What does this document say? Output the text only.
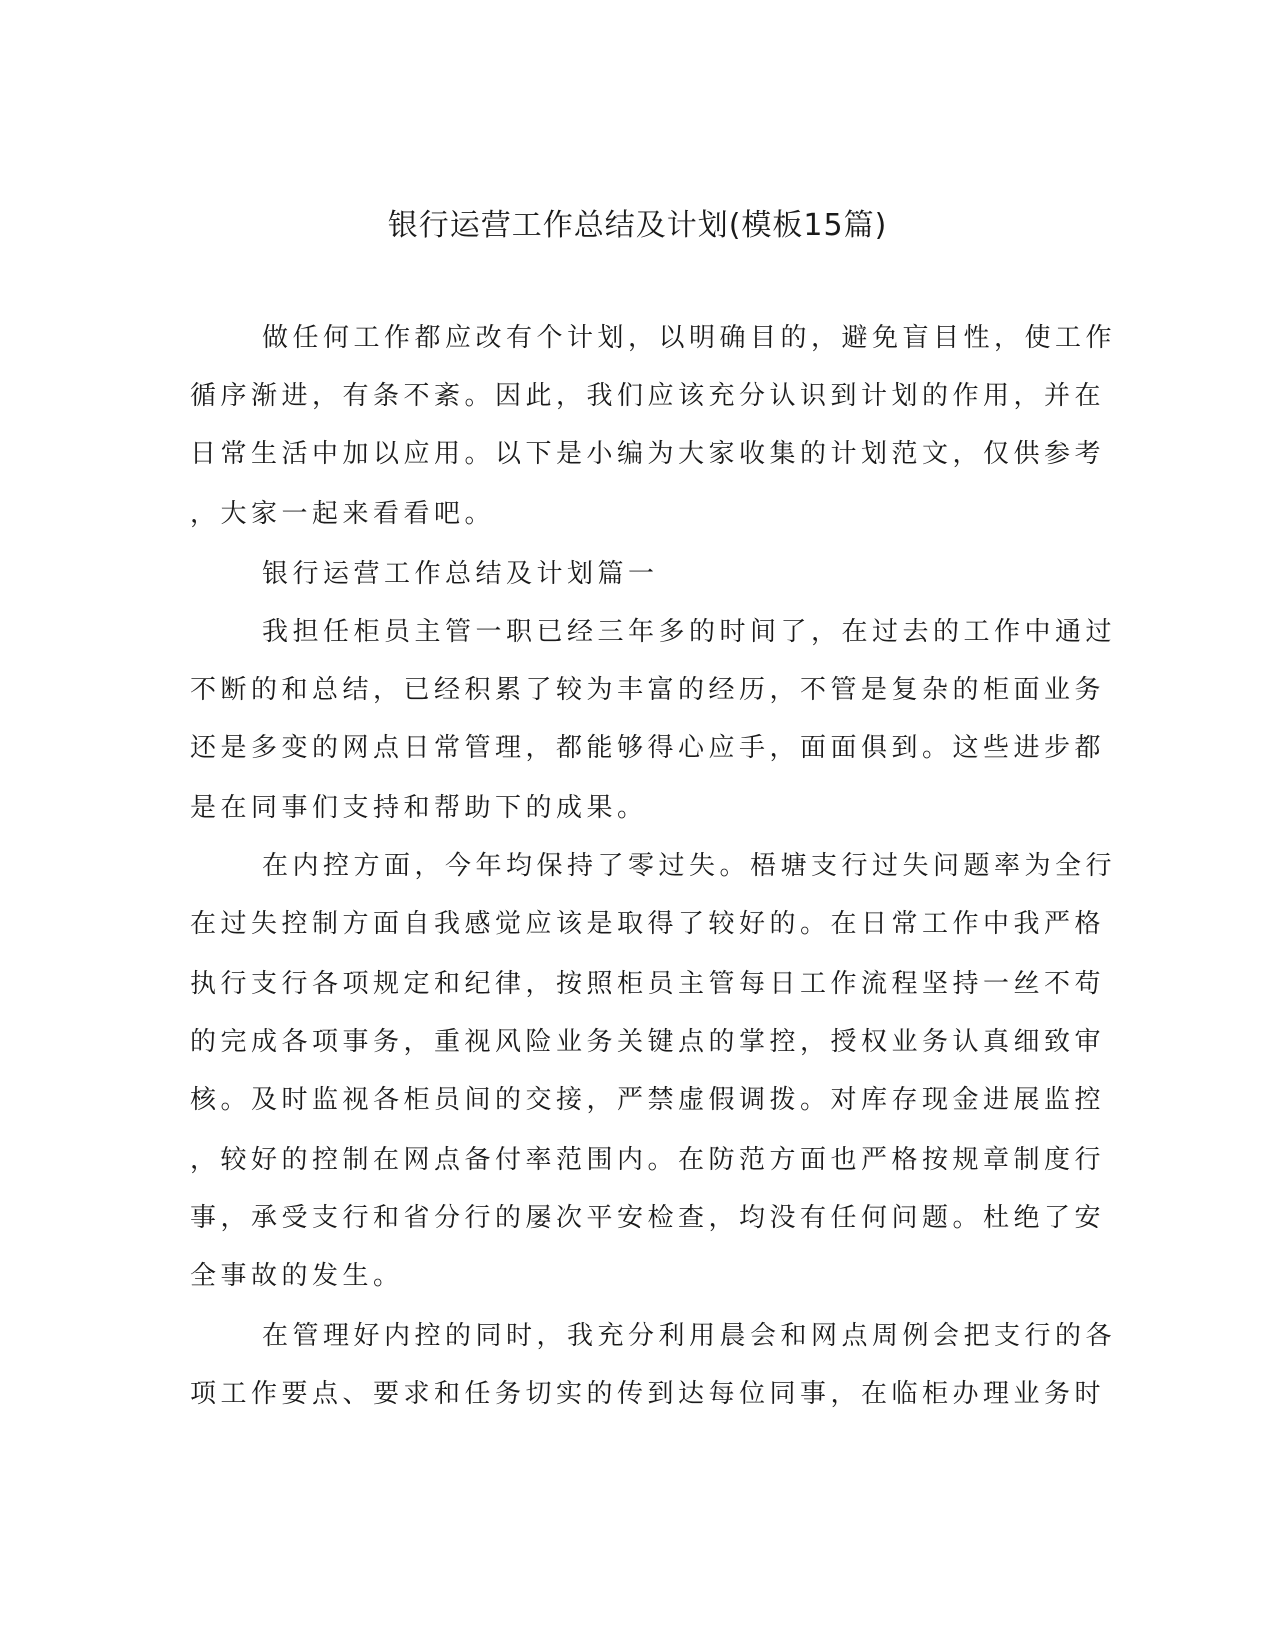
银行运营工作总结及计划(模板15篇)
做任何工作都应改有个计划，以明确目的，避免盲目性，使工作
循序渐进，有条不紊。因此，我们应该充分认识到计划的作用，并在
日常生活中加以应用。以下是小编为大家收集的计划范文，仅供参考
，大家一起来看看吧。
银行运营工作总结及计划篇一
我担任柜员主管一职已经三年多的时间了，在过去的工作中通过
不断的和总结，已经积累了较为丰富的经历，不管是复杂的柜面业务
还是多变的网点日常管理，都能够得心应手，面面俱到。这些进步都
是在同事们支持和帮助下的成果。
在内控方面，今年均保持了零过失。梧塘支行过失问题率为全行
在过失控制方面自我感觉应该是取得了较好的。在日常工作中我严格
执行支行各项规定和纪律，按照柜员主管每日工作流程坚持一丝不苟
的完成各项事务，重视风险业务关键点的掌控，授权业务认真细致审
核。及时监视各柜员间的交接，严禁虚假调拨。对库存现金进展监控
，较好的控制在网点备付率范围内。在防范方面也严格按规章制度行
事，承受支行和省分行的屡次平安检查，均没有任何问题。杜绝了安
全事故的发生。
在管理好内控的同时，我充分利用晨会和网点周例会把支行的各
项工作要点、要求和任务切实的传到达每位同事，在临柜办理业务时
